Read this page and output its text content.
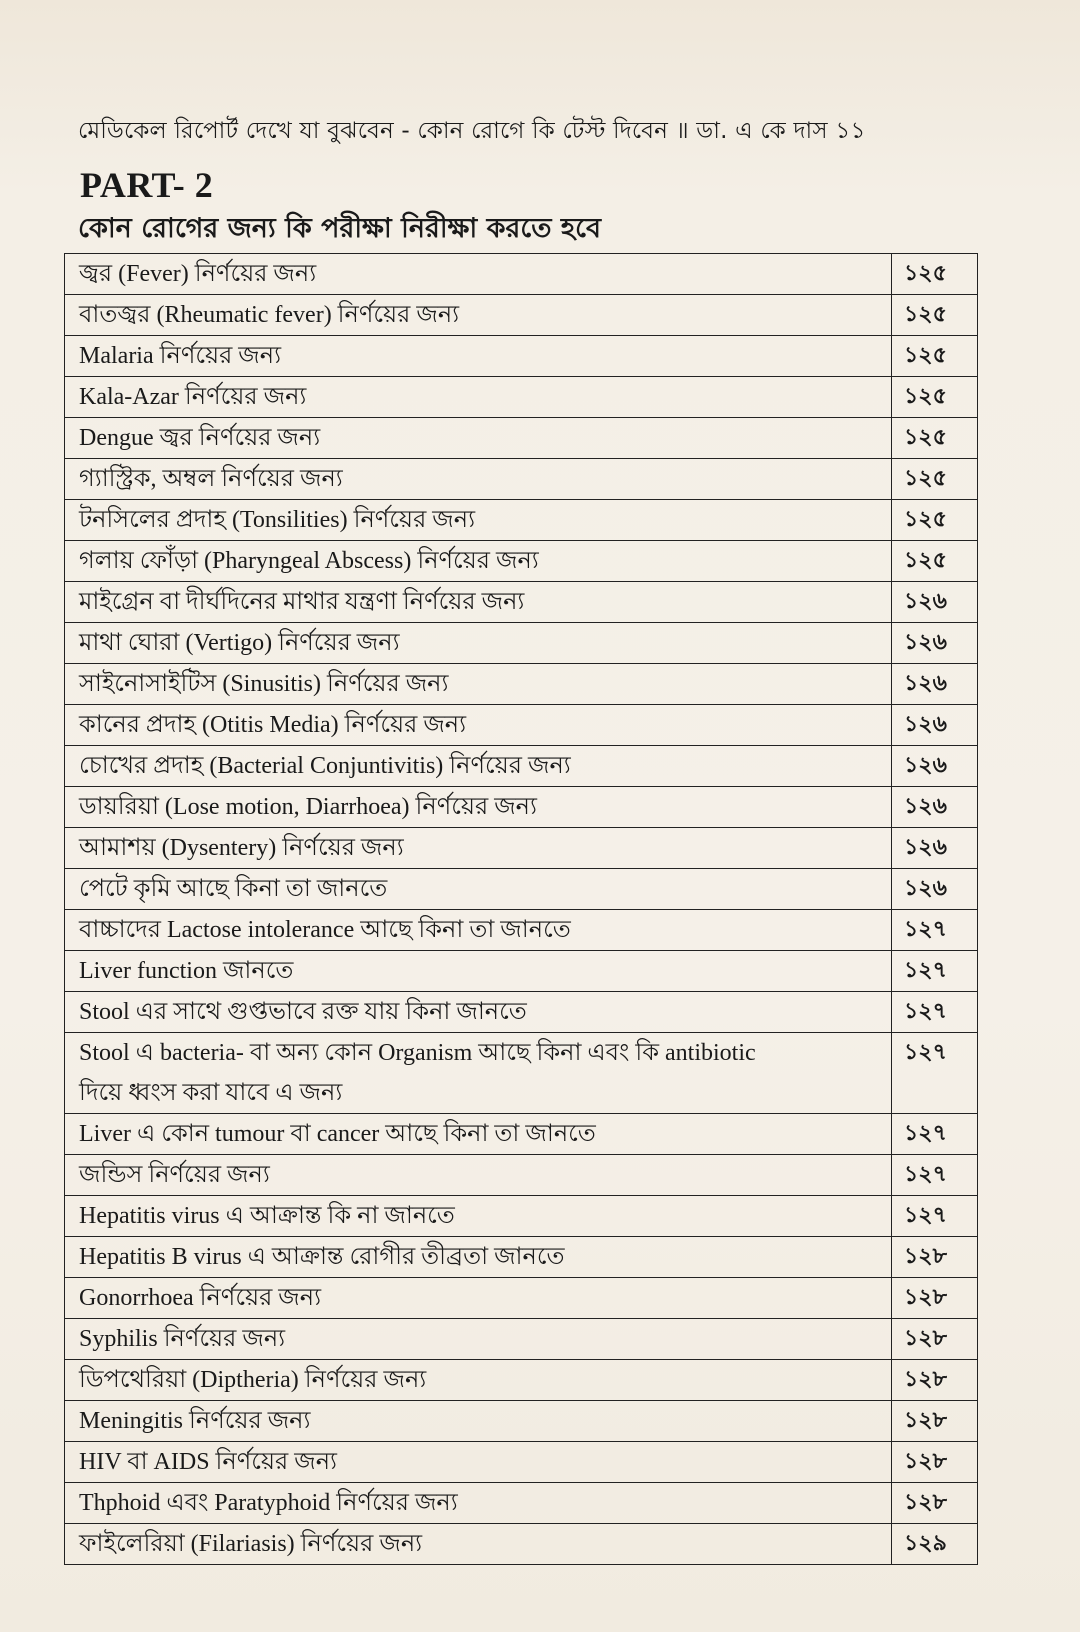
মেডিকেল রিপোর্ট দেখে যা বুঝবেন - কোন রোগে কি টেস্ট দিবেন ॥ ডা. এ কে দাস ১১
PART- 2
কোন রোগের জন্য কি পরীক্ষা নিরীক্ষা করতে হবে
জ্বর (Fever) নির্ণয়ের জন্য	১২৫
বাতজ্বর (Rheumatic fever) নির্ণয়ের জন্য	১২৫
Malaria নির্ণয়ের জন্য	১২৫
Kala-Azar নির্ণয়ের জন্য	১২৫
Dengue জ্বর নির্ণয়ের জন্য	১২৫
গ্যাস্ট্রিক, অম্বল নির্ণয়ের জন্য	১২৫
টনসিলের প্রদাহ (Tonsilities) নির্ণয়ের জন্য	১২৫
গলায় ফোঁড়া (Pharyngeal Abscess) নির্ণয়ের জন্য	১২৫
মাইগ্রেন বা দীর্ঘদিনের মাথার যন্ত্রণা নির্ণয়ের জন্য	১২৬
মাথা ঘোরা (Vertigo) নির্ণয়ের জন্য	১২৬
সাইনোসাইটিস (Sinusitis) নির্ণয়ের জন্য	১২৬
কানের প্রদাহ (Otitis Media) নির্ণয়ের জন্য	১২৬
চোখের প্রদাহ (Bacterial Conjuntivitis) নির্ণয়ের জন্য	১২৬
ডায়রিয়া (Lose motion, Diarrhoea) নির্ণয়ের জন্য	১২৬
আমাশয় (Dysentery) নির্ণয়ের জন্য	১২৬
পেটে কৃমি আছে কিনা তা জানতে	১২৬
বাচ্চাদের Lactose intolerance আছে কিনা তা জানতে	১২৭
Liver function জানতে	১২৭
Stool এর সাথে গুপ্তভাবে রক্ত যায় কিনা জানতে	১২৭
Stool এ bacteria- বা অন্য কোন Organism আছে কিনা এবং কি antibiotic দিয়ে ধ্বংস করা যাবে এ জন্য	১২৭
Liver এ কোন tumour বা cancer আছে কিনা তা জানতে	১২৭
জন্ডিস নির্ণয়ের জন্য	১২৭
Hepatitis virus এ আক্রান্ত কি না জানতে	১২৭
Hepatitis B virus এ আক্রান্ত রোগীর তীব্রতা জানতে	১২৮
Gonorrhoea নির্ণয়ের জন্য	১২৮
Syphilis নির্ণয়ের জন্য	১২৮
ডিপথেরিয়া (Diptheria) নির্ণয়ের জন্য	১২৮
Meningitis নির্ণয়ের জন্য	১২৮
HIV বা AIDS নির্ণয়ের জন্য	১২৮
Thphoid এবং Paratyphoid নির্ণয়ের জন্য	১২৮
ফাইলেরিয়া (Filariasis) নির্ণয়ের জন্য	১২৯
